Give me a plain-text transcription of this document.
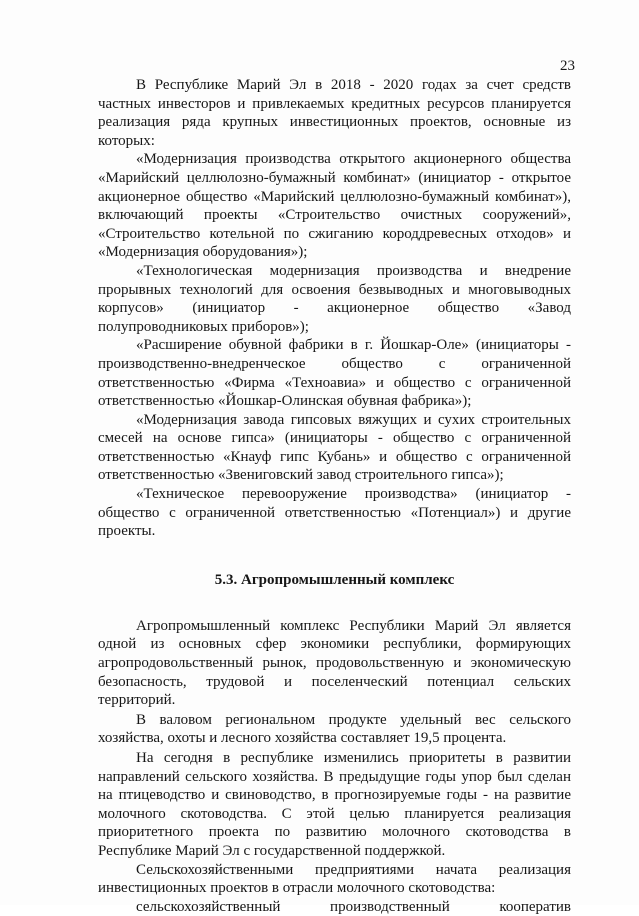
23

В Республике Марий Эл в 2018 - 2020 годах за счет средств частных инвесторов и привлекаемых кредитных ресурсов планируется реализация ряда крупных инвестиционных проектов, основные из которых:

«Модернизация производства открытого акционерного общества «Марийский целлюлозно-бумажный комбинат» (инициатор - открытое акционерное общество «Марийский целлюлозно-бумажный комбинат»), включающий проекты «Строительство очистных сооружений», «Строительство котельной по сжиганию короддревесных отходов» и «Модернизация оборудования»);

«Технологическая модернизация производства и внедрение прорывных технологий для освоения безвыводных и многовыводных корпусов» (инициатор - акционерное общество «Завод полупроводниковых приборов»);

«Расширение обувной фабрики в г. Йошкар-Оле» (инициаторы - производственно-внедренческое общество с ограниченной ответственностью «Фирма «Техноавиа» и общество с ограниченной ответственностью «Йошкар-Олинская обувная фабрика»);

«Модернизация завода гипсовых вяжущих и сухих строительных смесей на основе гипса» (инициаторы - общество с ограниченной ответственностью «Кнауф гипс Кубань» и общество с ограниченной ответственностью «Звениговский завод строительного гипса»);

«Техническое перевооружение производства» (инициатор - общество с ограниченной ответственностью «Потенциал») и другие проекты.

5.3. Агропромышленный комплекс

Агропромышленный комплекс Республики Марий Эл является одной из основных сфер экономики республики, формирующих агропродовольственный рынок, продовольственную и экономическую безопасность, трудовой и поселенческий потенциал сельских территорий.

В валовом региональном продукте удельный вес сельского хозяйства, охоты и лесного хозяйства составляет 19,5 процента.

На сегодня в республике изменились приоритеты в развитии направлений сельского хозяйства. В предыдущие годы упор был сделан на птицеводство и свиноводство, в прогнозируемые годы - на развитие молочного скотоводства. С этой целью планируется реализация приоритетного проекта по развитию молочного скотоводства в Республике Марий Эл с государственной поддержкой.

Сельскохозяйственными предприятиями начата реализация инвестиционных проектов в отрасли молочного скотоводства:

сельскохозяйственный производственный кооператив
